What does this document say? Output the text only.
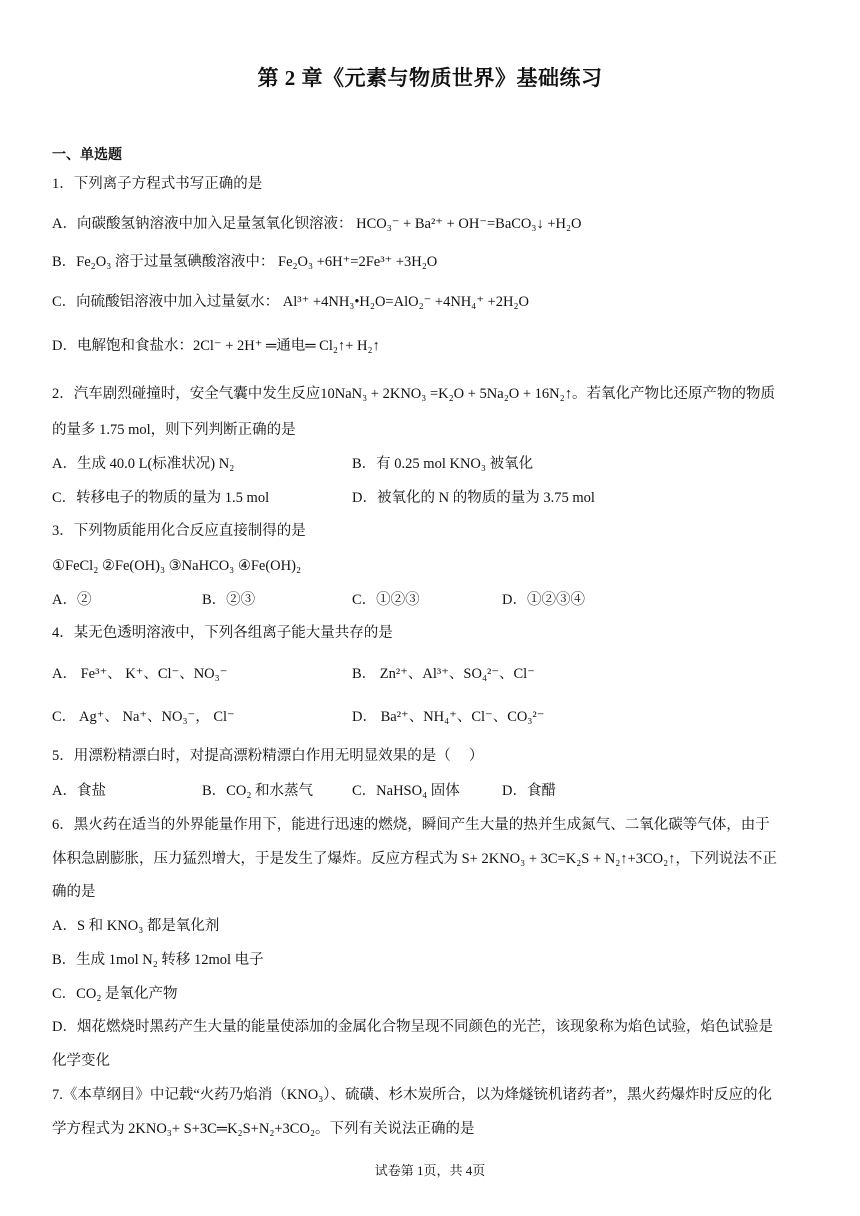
第 2 章《元素与物质世界》基础练习
一、单选题
1．下列离子方程式书写正确的是
A．向碳酸氢钠溶液中加入足量氢氧化钡溶液： HCO₃⁻ + Ba²⁺ + OH⁻=BaCO₃↓ +H₂O
B．Fe₂O₃ 溶于过量氢碘酸溶液中： Fe₂O₃ +6H⁺=2Fe³⁺ +3H₂O
C．向硫酸铝溶液中加入过量氨水： Al³⁺ +4NH₃•H₂O=AlO₂⁻ +4NH₄⁺ +2H₂O
D．电解饱和食盐水：2Cl⁻ + 2H⁺ ═通电═ Cl₂↑+ H₂↑
2．汽车剧烈碰撞时，安全气囊中发生反应10NaN₃ + 2KNO₃ =K₂O + 5Na₂O + 16N₂↑。若氧化产物比还原产物的物质
的量多 1.75 mol，则下列判断正确的是
A．生成 40.0 L(标准状况) N₂	B．有 0.25 mol KNO₃ 被氧化
C．转移电子的物质的量为 1.5 mol	D．被氧化的 N 的物质的量为 3.75 mol
3．下列物质能用化合反应直接制得的是
①FeCl₂ ②Fe(OH)₃ ③NaHCO₃ ④Fe(OH)₂
A．②	B．②③	C．①②③	D．①②③④
4．某无色透明溶液中，下列各组离子能大量共存的是
A． Fe³⁺、 K⁺、Cl⁻、NO₃⁻	B． Zn²⁺、Al³⁺、SO₄²⁻、Cl⁻
C． Ag⁺、 Na⁺、NO₃⁻， Cl⁻	D． Ba²⁺、NH₄⁺、Cl⁻、CO₃²⁻
5．用漂粉精漂白时，对提高漂粉精漂白作用无明显效果的是（　 ）
A．食盐	B．CO₂ 和水蒸气	C．NaHSO₄ 固体	D．食醋
6．黑火药在适当的外界能量作用下，能进行迅速的燃烧，瞬间产生大量的热并生成氮气、二氧化碳等气体，由于
体积急剧膨胀，压力猛烈增大，于是发生了爆炸。反应方程式为 S+ 2KNO₃ + 3C=K₂S + N₂↑+3CO₂↑，下列说法不正
确的是
A．S 和 KNO₃ 都是氧化剂
B．生成 1mol N₂ 转移 12mol 电子
C．CO₂ 是氧化产物
D．烟花燃烧时黑药产生大量的能量使添加的金属化合物呈现不同颜色的光芒，该现象称为焰色试验，焰色试验是
化学变化
7.《本草纲目》中记载“火药乃焰消（KNO₃）、硫磺、杉木炭所合，以为烽燧铳机诸药者”，黑火药爆炸时反应的化
学方程式为 2KNO₃+ S+3C═K₂S+N₂+3CO₂。下列有关说法正确的是
试卷第 1页，共 4页
